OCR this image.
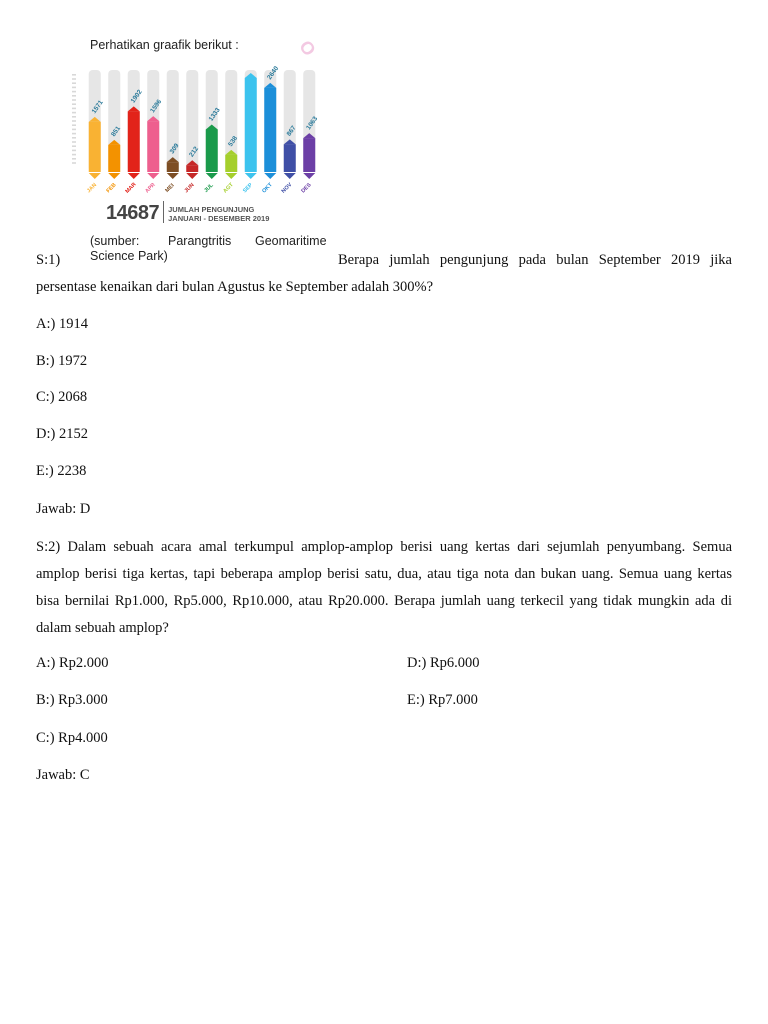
Perhatikan graafik berikut :	O
1571
JAN
851
FEB
1902
MAR
1596
APR
309
MEI
212
JUN
1333
JUL
538
AGT SEP
2640
OKT
867
NOV
1063
DES
14687 JUMLAH PENGUNJUNG
JANUARI - DESEMBER 2019
(sumber: Parangtritis Geomaritime
Science Park)
S:1)	Berapa jumlah pengunjung pada bulan September 2019 jika
persentase kenaikan dari bulan Agustus ke September adalah 300%?
A:) 1914
B:) 1972
C:) 2068
D:) 2152
E:) 2238
Jawab: D
S:2) Dalam sebuah acara amal terkumpul amplop-amplop berisi uang kertas dari sejumlah penyumbang. Semua
amplop berisi tiga kertas, tapi beberapa amplop berisi satu, dua, atau tiga nota dan bukan uang. Semua uang kertas
bisa bernilai Rp1.000, Rp5.000, Rp10.000, atau Rp20.000. Berapa jumlah uang terkecil yang tidak mungkin ada di
dalam sebuah amplop?
A:) Rp2.000
B:) Rp3.000
C:) Rp4.000
D:) Rp6.000
E:) Rp7.000
Jawab: C
